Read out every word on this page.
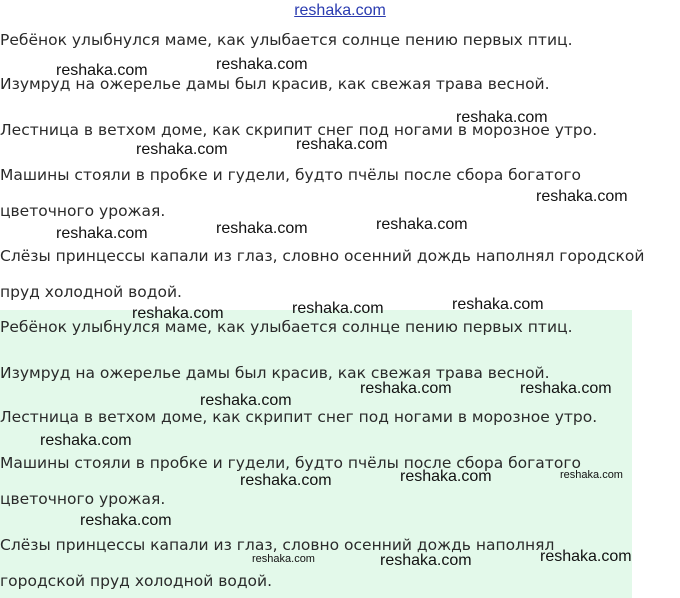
reshaka.com
Ребёнок улыбнулся маме, как улыбается солнце пению первых птиц.
Изумруд на ожерелье дамы был красив, как свежая трава весной.
Лестница в ветхом доме, как скрипит снег под ногами в морозное утро.
Машины стояли в пробке и гудели, будто пчёлы после сбора богатого
цветочного урожая.
Слёзы принцессы капали из глаз, словно осенний дождь наполнял городской
пруд холодной водой.
Ребёнок улыбнулся маме, как улыбается солнце пению первых птиц.
Изумруд на ожерелье дамы был красив, как свежая трава весной.
Лестница в ветхом доме, как скрипит снег под ногами в морозное утро.
Машины стояли в пробке и гудели, будто пчёлы после сбора богатого
цветочного урожая.
Слёзы принцессы капали из глаз, словно осенний дождь наполнял
городской пруд холодной водой.
reshaka.com
reshaka.com
reshaka.com
reshaka.com
reshaka.com
reshaka.com
reshaka.com
reshaka.com
reshaka.com
reshaka.com
reshaka.com
reshaka.com
reshaka.com	reshaka.com
reshaka.com
reshaka.com
reshaka.com	reshaka.com
reshaka.com
reshaka.com
reshaka.com
reshaka.com	reshaka.com
